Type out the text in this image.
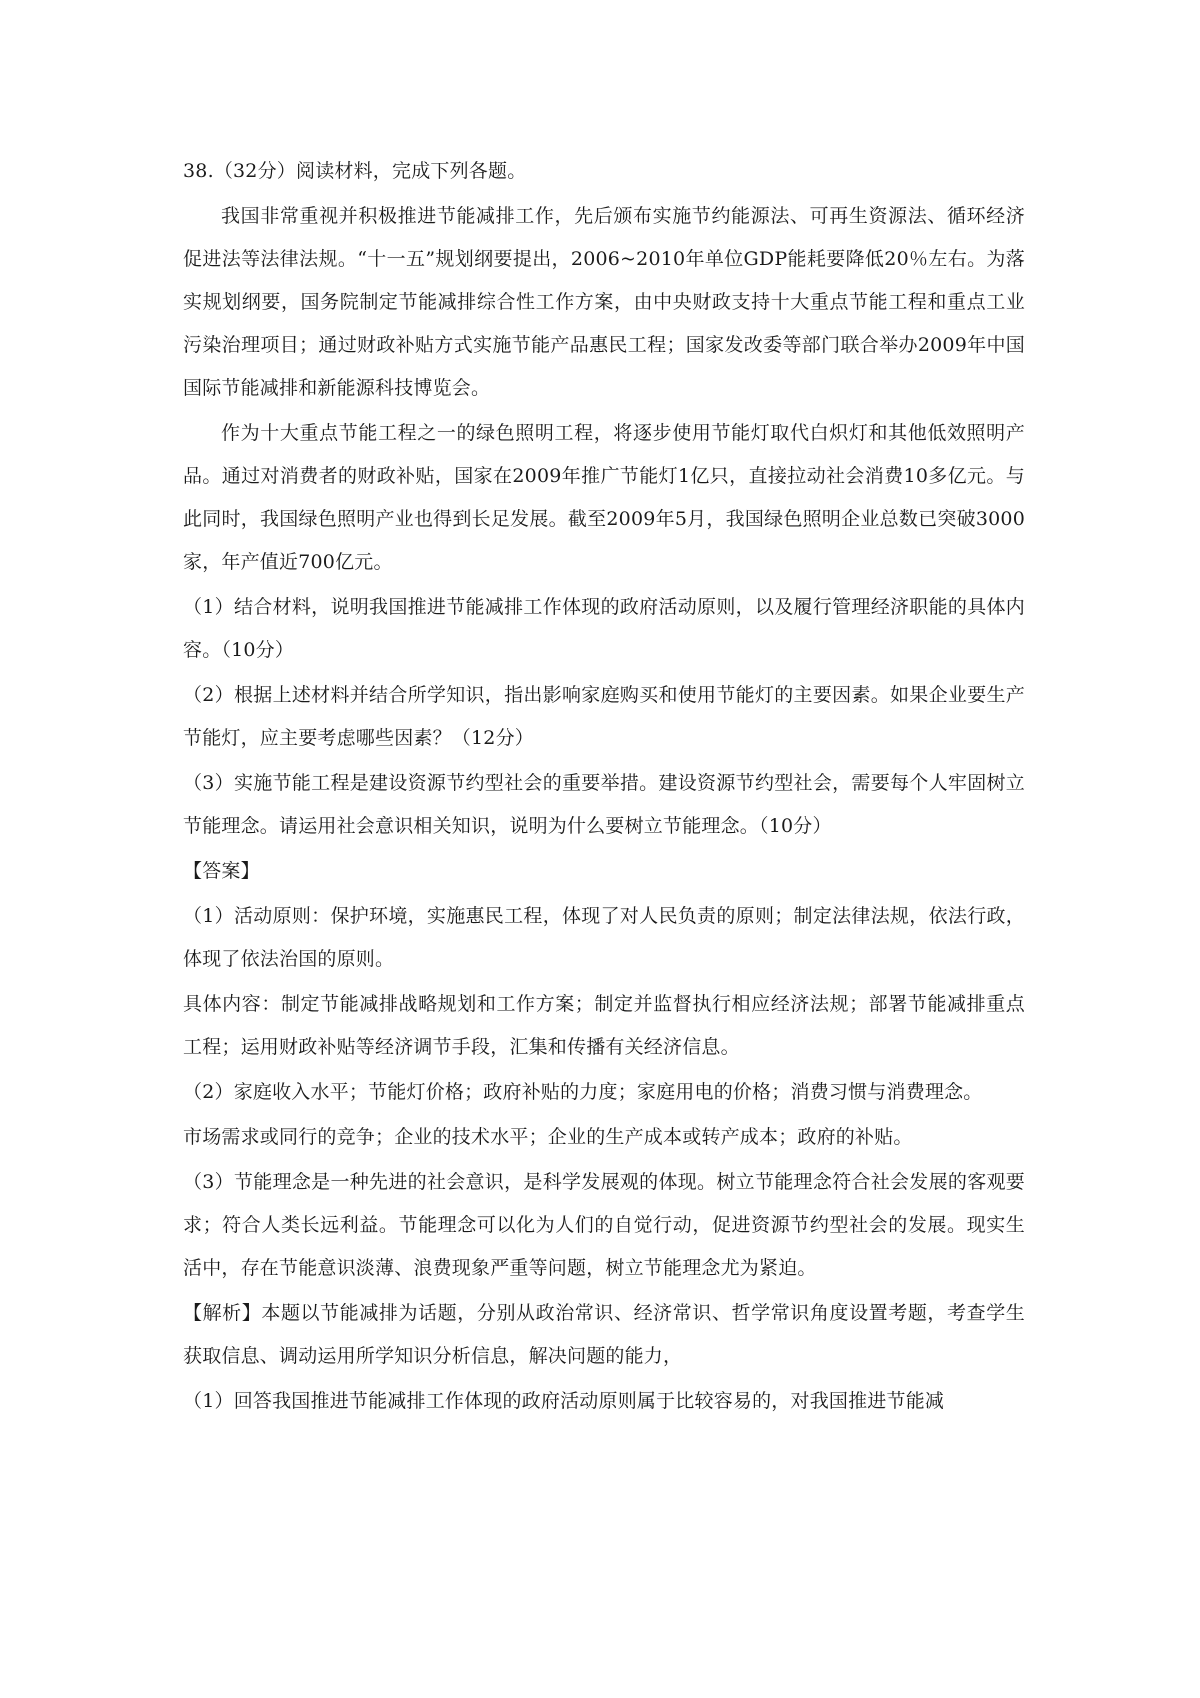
38.（32分）阅读材料，完成下列各题。

我国非常重视并积极推进节能减排工作，先后颁布实施节约能源法、可再生资源法、循环经济促进法等法律法规。“十一五”规划纲要提出，2006~2010年单位GDP能耗要降低20％左右。为落实规划纲要，国务院制定节能减排综合性工作方案，由中央财政支持十大重点节能工程和重点工业污染治理项目；通过财政补贴方式实施节能产品惠民工程；国家发改委等部门联合举办2009年中国国际节能减排和新能源科技博览会。

作为十大重点节能工程之一的绿色照明工程，将逐步使用节能灯取代白炽灯和其他低效照明产品。通过对消费者的财政补贴，国家在2009年推广节能灯1亿只，直接拉动社会消费10多亿元。与此同时，我国绿色照明产业也得到长足发展。截至2009年5月，我国绿色照明企业总数已突破3000家，年产值近700亿元。

（1）结合材料，说明我国推进节能减排工作体现的政府活动原则，以及履行管理经济职能的具体内容。（10分）

（2）根据上述材料并结合所学知识，指出影响家庭购买和使用节能灯的主要因素。如果企业要生产节能灯，应主要考虑哪些因素？（12分）

（3）实施节能工程是建设资源节约型社会的重要举措。建设资源节约型社会，需要每个人牢固树立节能理念。请运用社会意识相关知识，说明为什么要树立节能理念。（10分）

【答案】

（1）活动原则：保护环境，实施惠民工程，体现了对人民负责的原则；制定法律法规，依法行政，体现了依法治国的原则。

具体内容：制定节能减排战略规划和工作方案；制定并监督执行相应经济法规；部署节能减排重点工程；运用财政补贴等经济调节手段，汇集和传播有关经济信息。

（2）家庭收入水平；节能灯价格；政府补贴的力度；家庭用电的价格；消费习惯与消费理念。

市场需求或同行的竞争；企业的技术水平；企业的生产成本或转产成本；政府的补贴。

（3）节能理念是一种先进的社会意识，是科学发展观的体现。树立节能理念符合社会发展的客观要求；符合人类长远利益。节能理念可以化为人们的自觉行动，促进资源节约型社会的发展。现实生活中，存在节能意识淡薄、浪费现象严重等问题，树立节能理念尤为紧迫。

【解析】本题以节能减排为话题，分别从政治常识、经济常识、哲学常识角度设置考题，考查学生获取信息、调动运用所学知识分析信息，解决问题的能力，

（1）回答我国推进节能减排工作体现的政府活动原则属于比较容易的，对我国推进节能减
